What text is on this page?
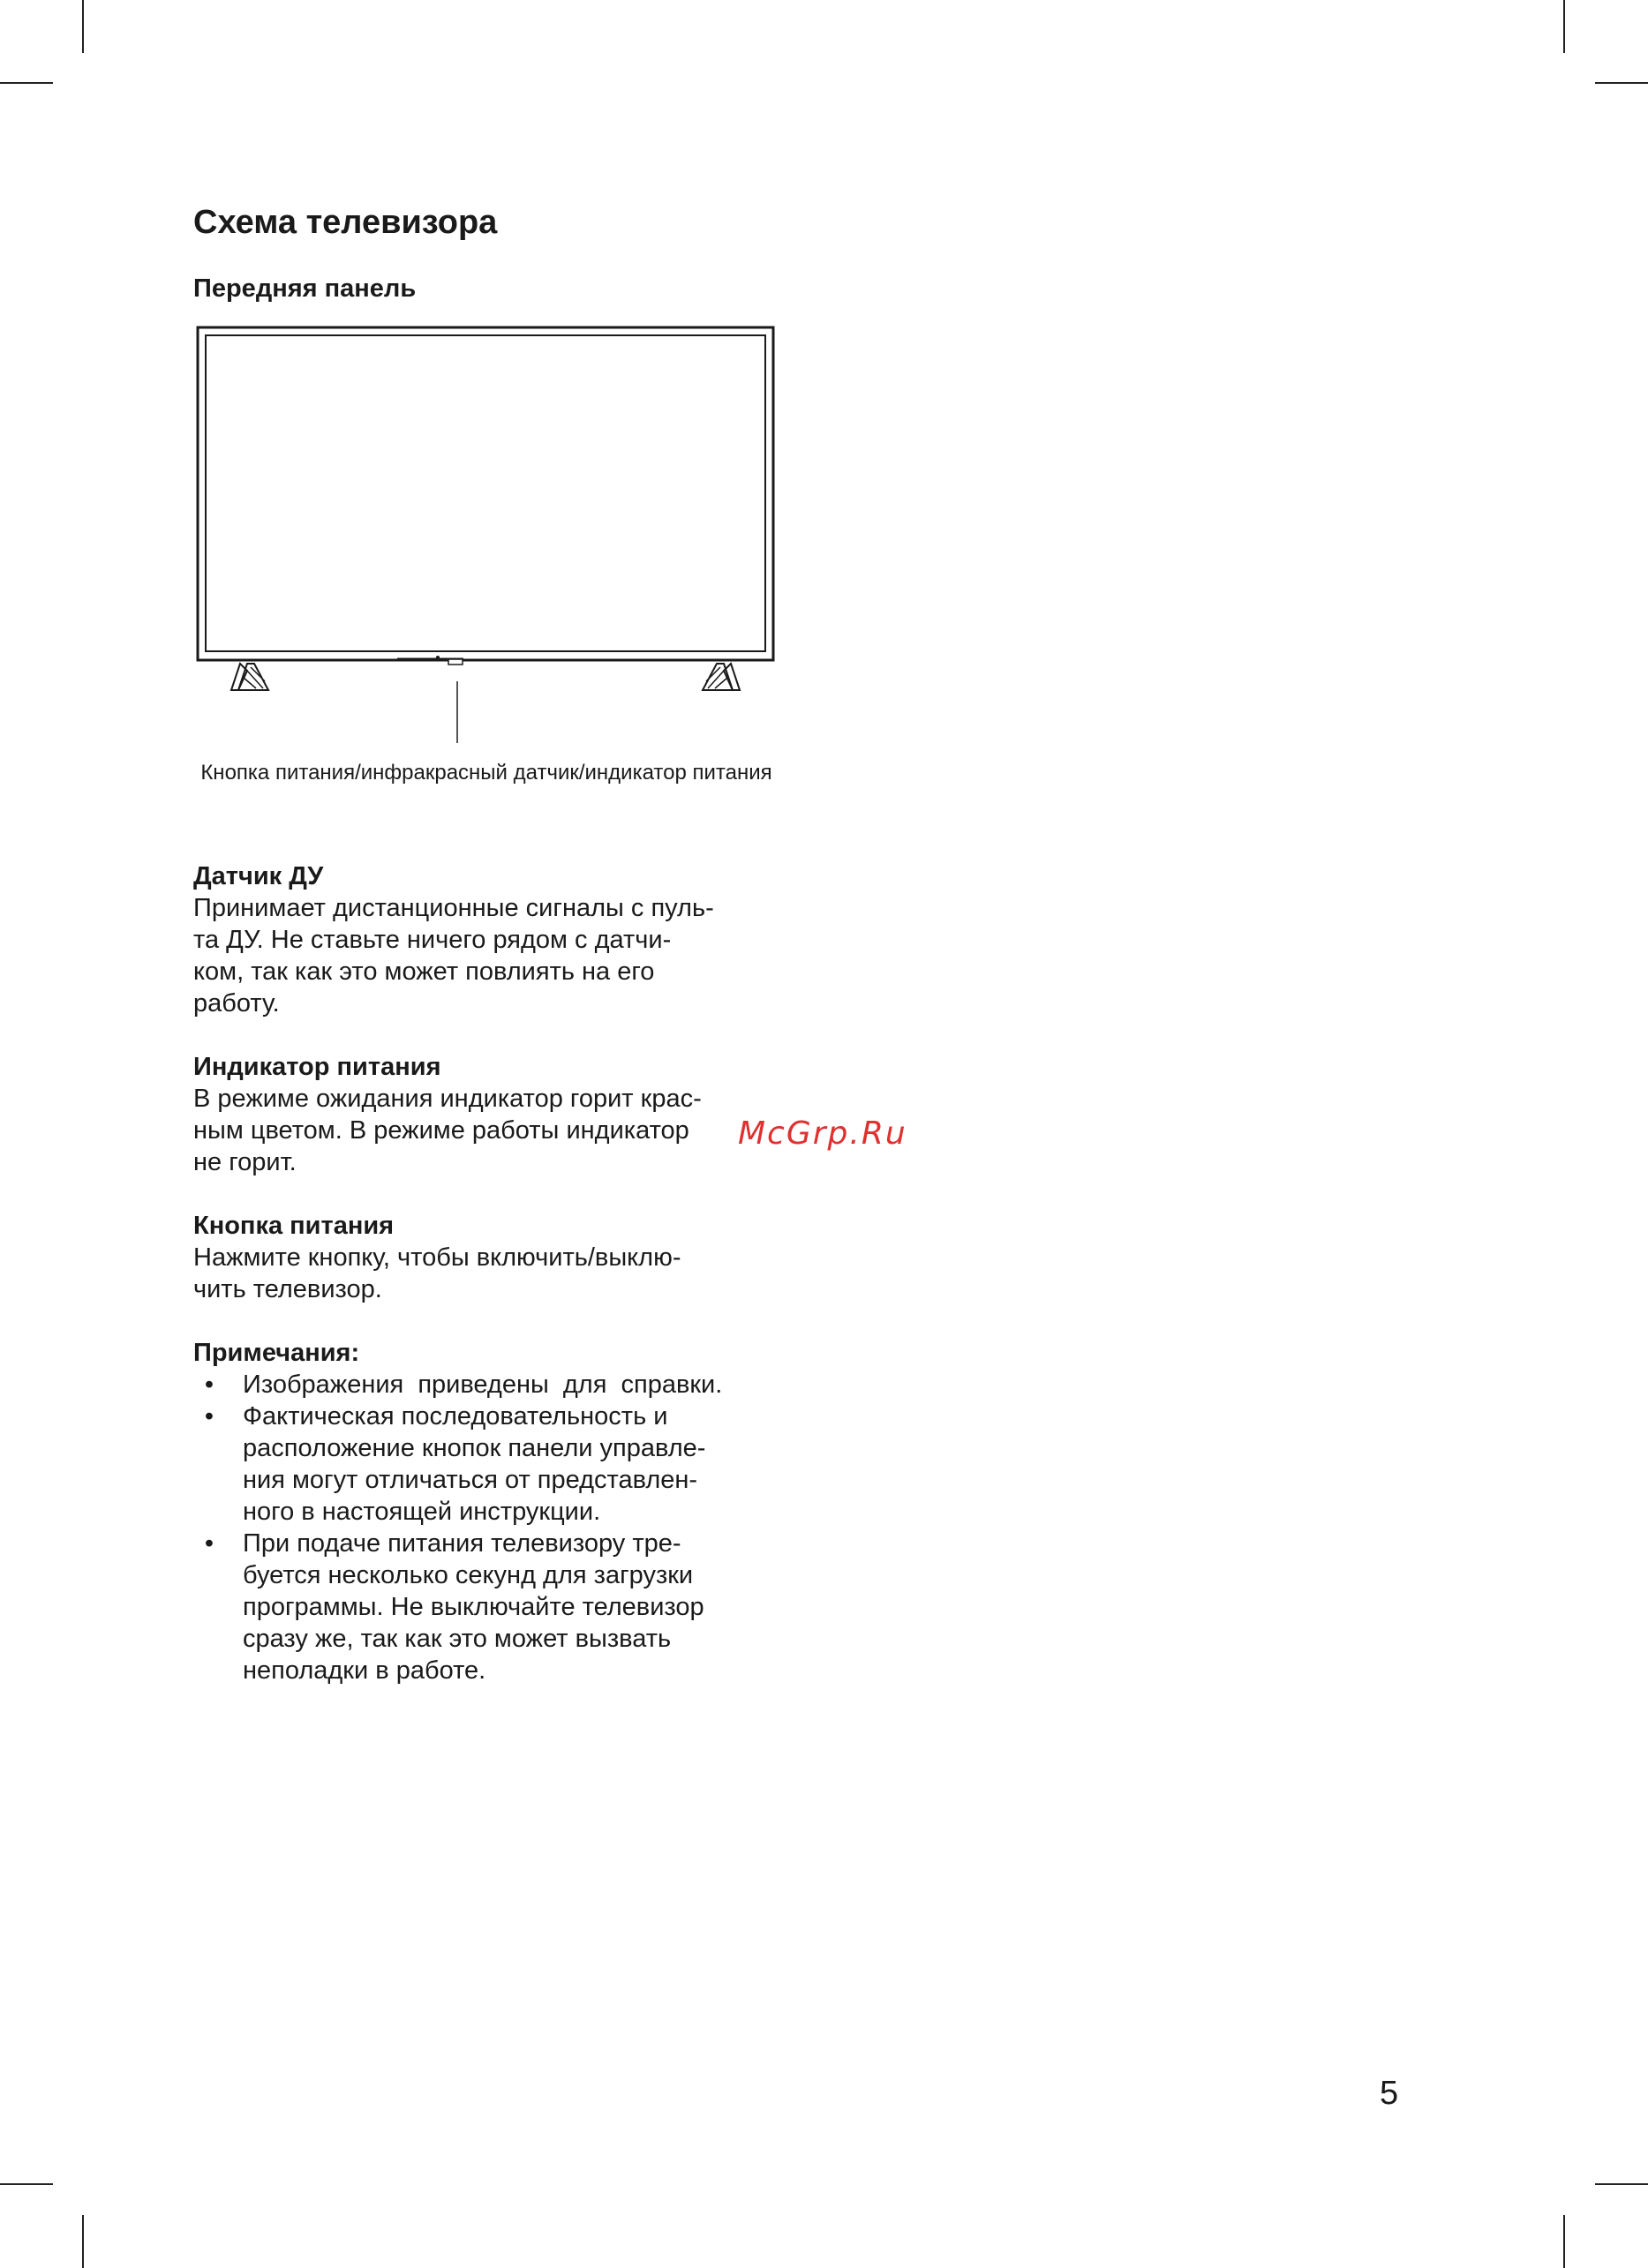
Схема телевизора
Передняя панель
Кнопка питания/инфракрасный датчик/индикатор питания
Датчик ДУ

Принимает дистанционные сигналы с пуль-
та ДУ. Не ставьте ничего рядом с датчи-
ком, так как это может повлиять на его
работу.

Индикатор питания

В режиме ожидания индикатор горит крас-
ным цветом. В режиме работы индикатор
не горит.

Кнопка питания

Нажмите кнопку, чтобы включить/выклю-
чить телевизор.

Примечания:
•	Изображения приведены для справки.
•	Фактическая последовательность и
расположение кнопок панели управле-
ния могут отличаться от представлен-
ного в настоящей инструкции.
•	При подаче питания телевизору тре-
буется несколько секунд для загрузки
программы. Не выключайте телевизор
сразу же, так как это может вызвать
неполадки в работе.
McGrp.Ru
5
